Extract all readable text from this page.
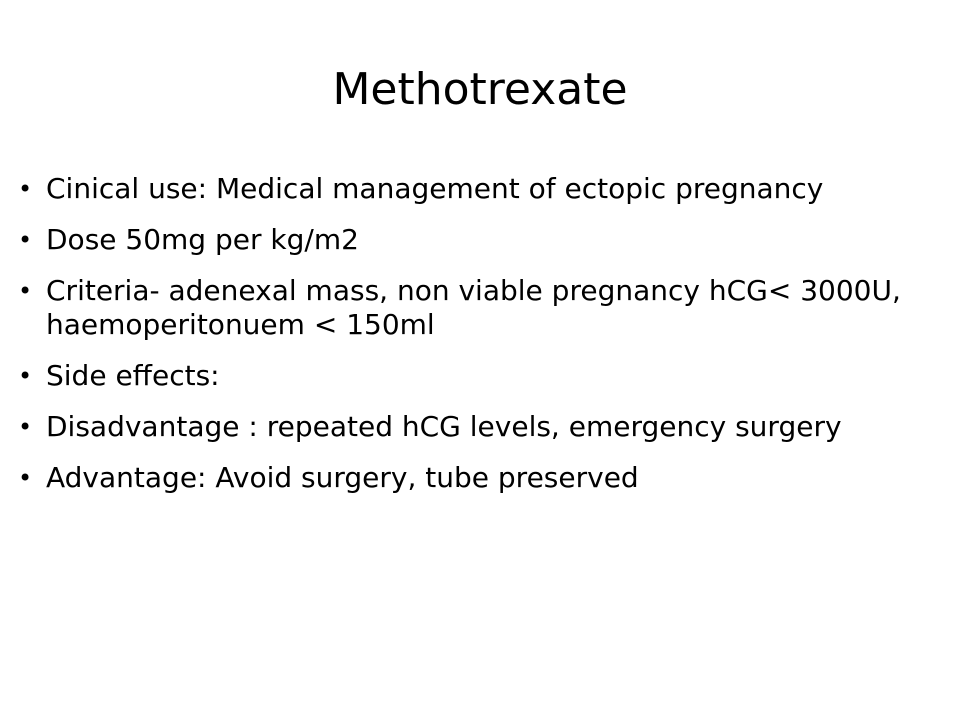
Methotrexate
• Cinical use: Medical management of ectopic pregnancy
• Dose 50mg per kg/m2
• Criteria- adenexal mass, non viable pregnancy hCG< 3000U, haemoperitonuem < 150ml
• Side effects:
• Disadvantage : repeated hCG levels, emergency surgery
• Advantage: Avoid surgery, tube preserved
